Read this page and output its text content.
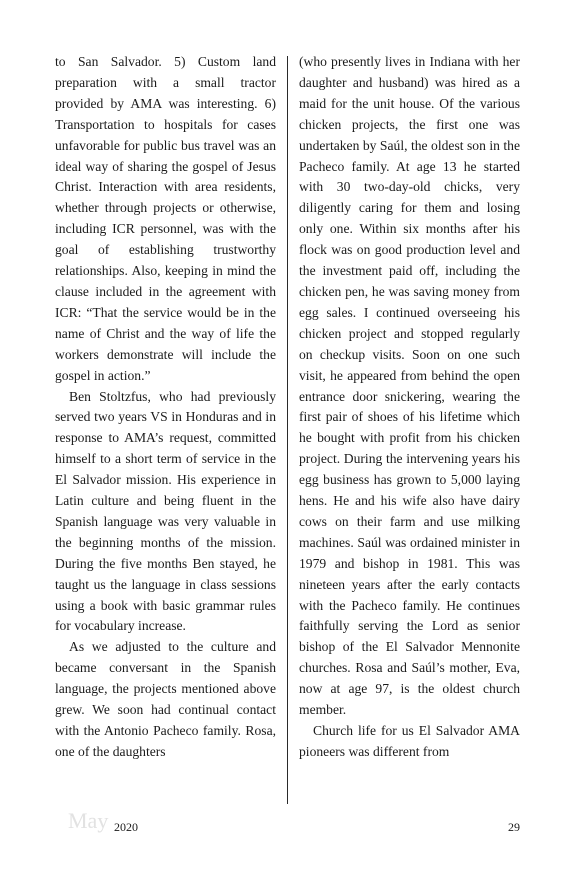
to San Salvador. 5) Custom land preparation with a small tractor provided by AMA was interesting. 6) Transportation to hospitals for cases unfavorable for public bus travel was an ideal way of sharing the gospel of Jesus Christ. Interaction with area residents, whether through projects or otherwise, including ICR personnel, was with the goal of establishing trustworthy relationships. Also, keeping in mind the clause included in the agreement with ICR: “That the service would be in the name of Christ and the way of life the workers demonstrate will include the gospel in action.”

Ben Stoltzfus, who had previously served two years VS in Honduras and in response to AMA’s request, committed himself to a short term of service in the El Salvador mission. His experience in Latin culture and being fluent in the Spanish language was very valuable in the beginning months of the mission. During the five months Ben stayed, he taught us the language in class sessions using a book with basic grammar rules for vocabulary increase.

As we adjusted to the culture and became conversant in the Spanish language, the projects mentioned above grew. We soon had continual contact with the Antonio Pacheco family. Rosa, one of the daughters

(who presently lives in Indiana with her daughter and husband) was hired as a maid for the unit house. Of the various chicken projects, the first one was undertaken by Saúl, the oldest son in the Pacheco family. At age 13 he started with 30 two-day-old chicks, very diligently caring for them and losing only one. Within six months after his flock was on good production level and the investment paid off, including the chicken pen, he was saving money from egg sales. I continued overseeing his chicken project and stopped regularly on checkup visits. Soon on one such visit, he appeared from behind the open entrance door snickering, wearing the first pair of shoes of his lifetime which he bought with profit from his chicken project. During the intervening years his egg business has grown to 5,000 laying hens. He and his wife also have dairy cows on their farm and use milking machines. Saúl was ordained minister in 1979 and bishop in 1981. This was nineteen years after the early contacts with the Pacheco family. He continues faithfully serving the Lord as senior bishop of the El Salvador Mennonite churches. Rosa and Saúl’s mother, Eva, now at age 97, is the oldest church member.

Church life for us El Salvador AMA pioneers was different from

May 2020	29
